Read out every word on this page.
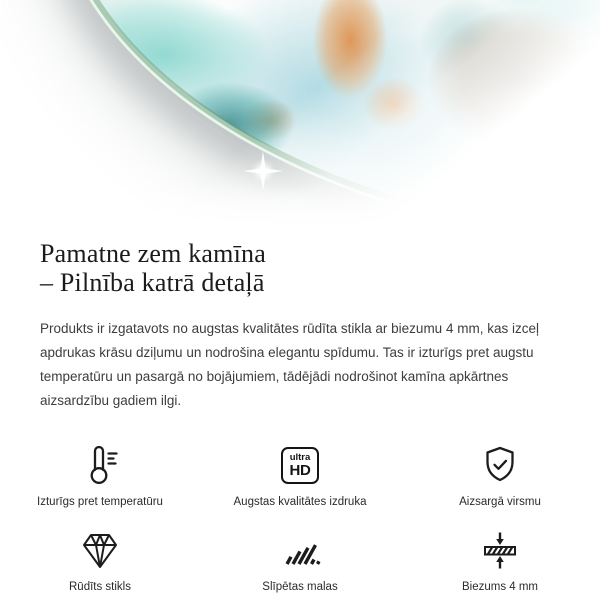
Pamatne zem kamīna
– Pilnība katrā detaļā

Produkts ir izgatavots no augstas kvalitātes rūdīta stikla ar biezumu 4 mm, kas izceļ apdrukas krāsu dziļumu un nodrošina elegantu spīdumu. Tas ir izturīgs pret augstu temperatūru un pasargā no bojājumiem, tādējādi nodrošinot kamīna apkārtnes aizsardzību gadiem ilgi.

Izturīgs pret temperatūru
ultra
HD
Augstas kvalitātes izdruka	Aizsargā virsmu
Rūdīts stikls	Slīpētas malas	Biezums 4 mm
